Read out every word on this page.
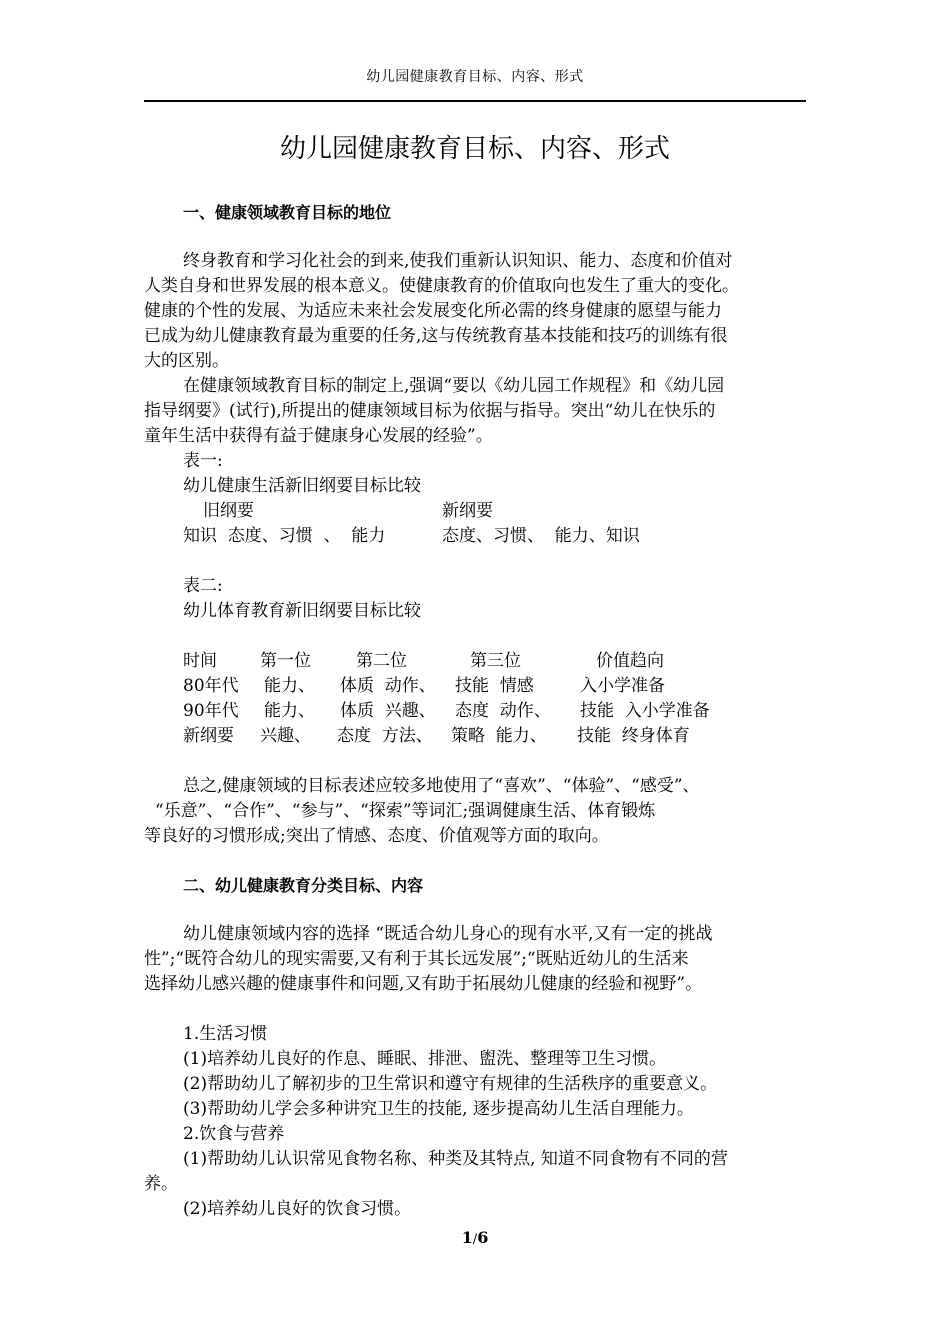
幼儿园健康教育目标、内容、形式
幼儿园健康教育目标、内容、形式
一、健康领域教育目标的地位
终身教育和学习化社会的到来,使我们重新认识知识、能力、态度和价值对
人类自身和世界发展的根本意义。使健康教育的价值取向也发生了重大的变化。
健康的个性的发展、为适应未来社会发展变化所必需的终身健康的愿望与能力
已成为幼儿健康教育最为重要的任务,这与传统教育基本技能和技巧的训练有很
大的区别。
在健康领域教育目标的制定上,强调“要以《幼儿园工作规程》和《幼儿园
指导纲要》(试行),所提出的健康领域目标为依据与指导。突出“幼儿在快乐的
童年生活中获得有益于健康身心发展的经验”。
表一:
幼儿健康生活新旧纲要目标比较
旧纲要	新纲要
知识  态度、习惯  、  能力	态度、习惯、  能力、知识
表二:
幼儿体育教育新旧纲要目标比较
时间	第一位	第二位	第三位	价值趋向
80年代 能力、 体质  动作、 技能  情感	入小学准备
90年代 能力、 体质  兴趣、 态度  动作、 技能  入小学准备
新纲要 兴趣、 态度  方法、 策略  能力、 技能  终身体育
总之,健康领域的目标表述应较多地使用了“喜欢”、“体验”、“感受”、
“乐意”、“合作”、“参与”、“探索”等词汇;强调健康生活、体育锻炼
等良好的习惯形成;突出了情感、态度、价值观等方面的取向。
二、幼儿健康教育分类目标、内容
幼儿健康领域内容的选择 “既适合幼儿身心的现有水平,又有一定的挑战
性”;“既符合幼儿的现实需要,又有利于其长远发展”;“既贴近幼儿的生活来
选择幼儿感兴趣的健康事件和问题,又有助于拓展幼儿健康的经验和视野”。
1.生活习惯
(1)培养幼儿良好的作息、睡眠、排泄、盥洗、整理等卫生习惯。
(2)帮助幼儿了解初步的卫生常识和遵守有规律的生活秩序的重要意义。
(3)帮助幼儿学会多种讲究卫生的技能, 逐步提高幼儿生活自理能力。
2.饮食与营养
(1)帮助幼儿认识常见食物名称、种类及其特点, 知道不同食物有不同的营
养。
(2)培养幼儿良好的饮食习惯。
1/6
